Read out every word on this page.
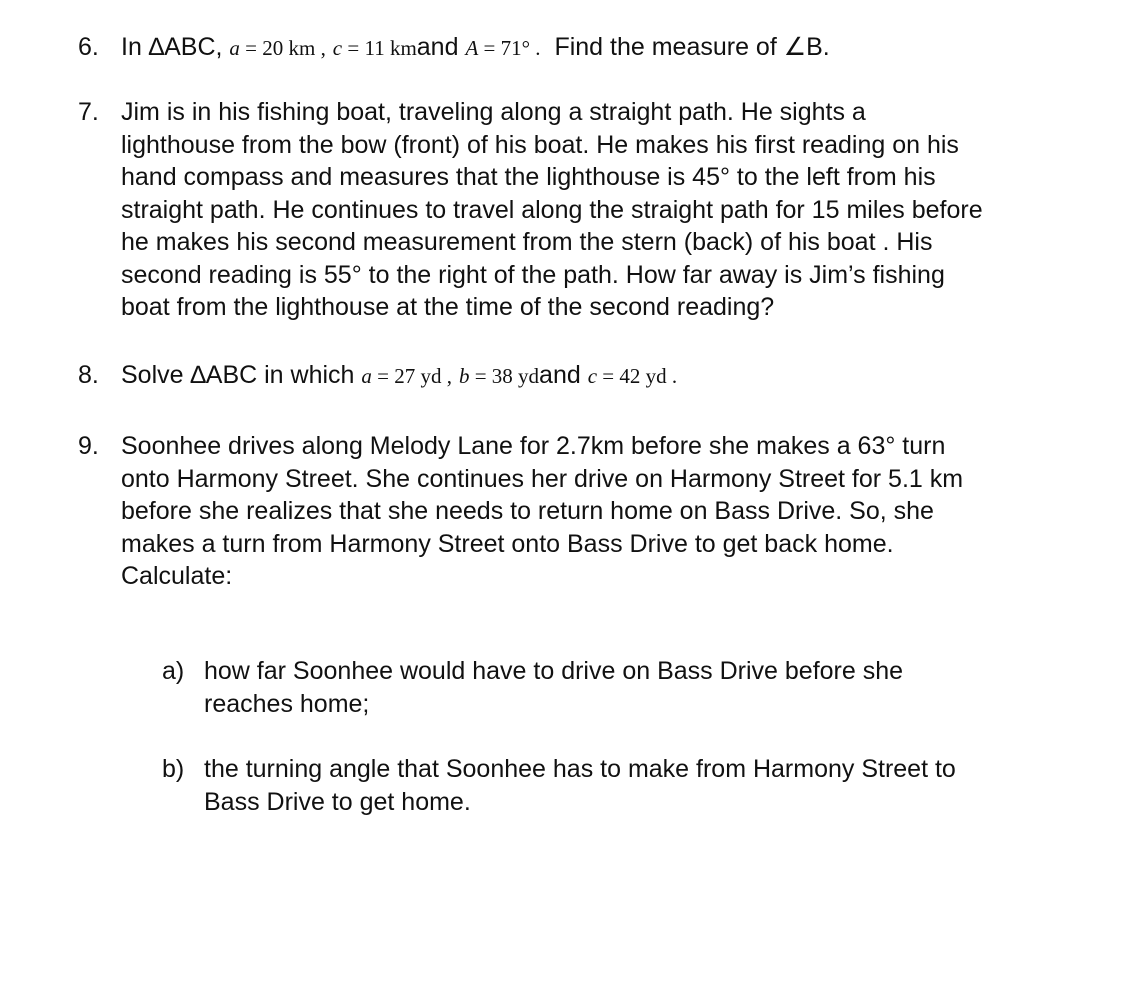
6. In ∆ABC, a = 20 km , c = 11 kmand A = 71° . Find the measure of ∠B.
7. Jim is in his fishing boat, traveling along a straight path. He sights a
lighthouse from the bow (front) of his boat. He makes his first reading on his
hand compass and measures that the lighthouse is 45° to the left from his
straight path. He continues to travel along the straight path for 15 miles before
he makes his second measurement from the stern (back) of his boat . His
second reading is 55° to the right of the path. How far away is Jim’s fishing
boat from the lighthouse at the time of the second reading?
8. Solve ∆ABC in which a = 27 yd , b = 38 ydand c = 42 yd .
9. Soonhee drives along Melody Lane for 2.7km before she makes a 63° turn
onto Harmony Street. She continues her drive on Harmony Street for 5.1 km
before she realizes that she needs to return home on Bass Drive. So, she
makes a turn from Harmony Street onto Bass Drive to get back home.
Calculate:
a) how far Soonhee would have to drive on Bass Drive before she
reaches home;
b) the turning angle that Soonhee has to make from Harmony Street to
Bass Drive to get home.
